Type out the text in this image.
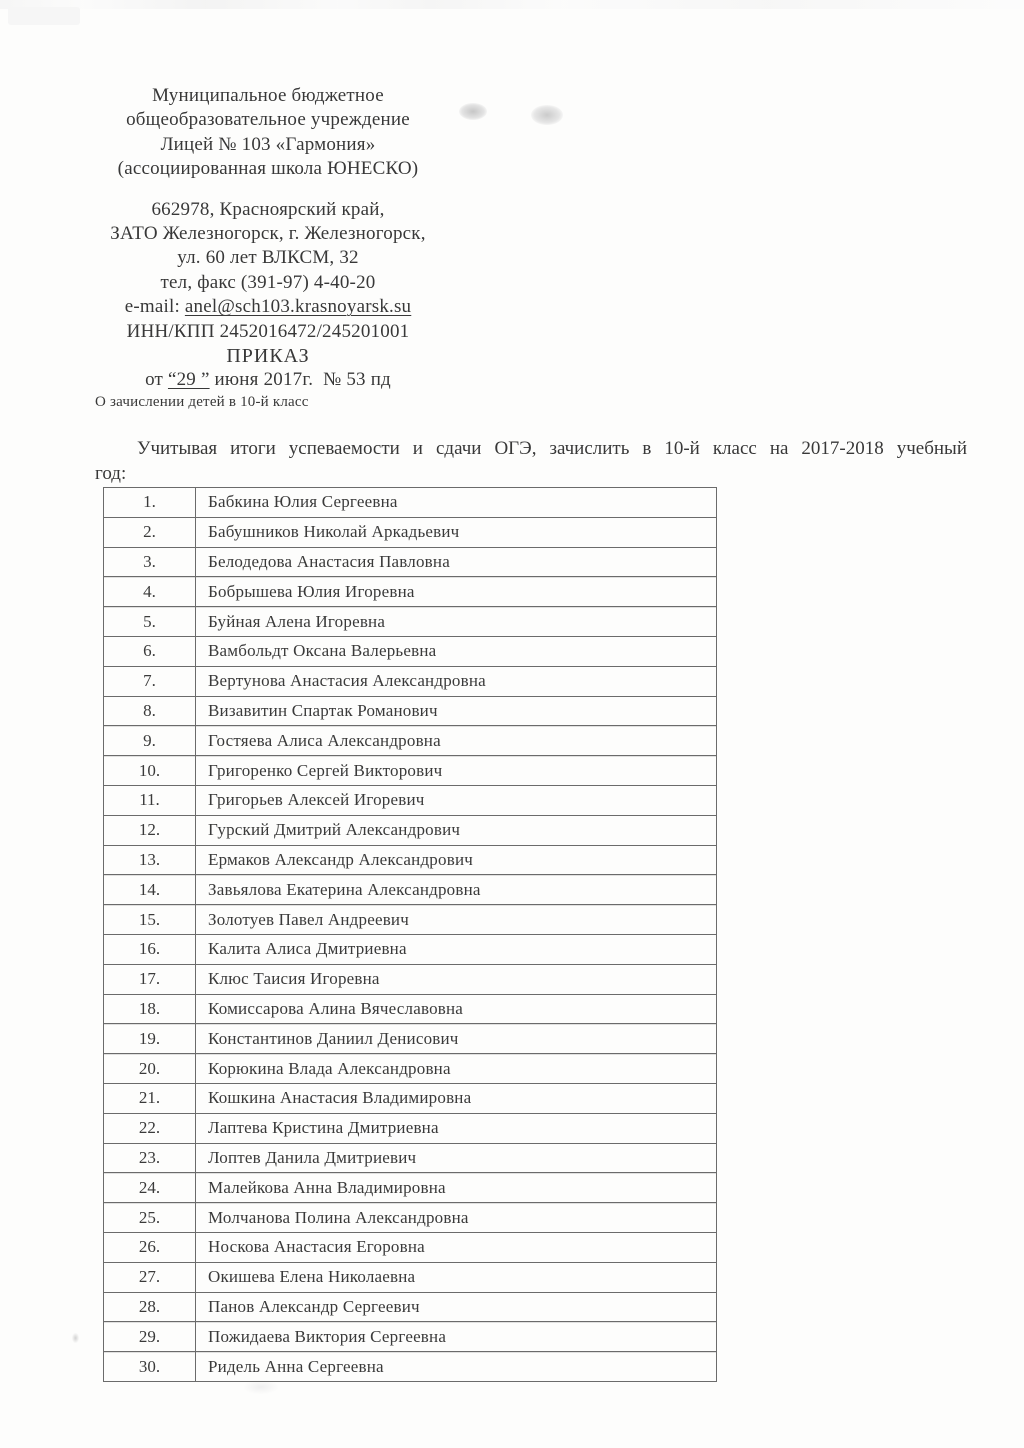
Муниципальное бюджетное
общеобразовательное учреждение
Лицей № 103 «Гармония»
(ассоциированная школа ЮНЕСКО)
662978, Красноярский край,
ЗАТО Железногорск, г. Железногорск,
ул. 60 лет ВЛКСМ, 32
тел, факс (391-97) 4-40-20
e-mail: anel@sch103.krasnoyarsk.su
ИНН/КПП 2452016472/245201001
ПРИКАЗ
от “29 ” июня 2017г.  № 53 пд
О зачислении детей в 10-й класс
Учитывая итоги успеваемости и сдачи ОГЭ, зачислить в 10-й класс на 2017-2018 учебный
год:
1.	Бабкина Юлия Сергеевна
2.	Бабушников Николай Аркадьевич
3.	Белодедова Анастасия Павловна
4.	Бобрышева Юлия Игоревна
5.	Буйная Алена Игоревна
6.	Вамбольдт Оксана Валерьевна
7.	Вертунова Анастасия Александровна
8.	Визавитин Спартак Романович
9.	Гостяева Алиса Александровна
10.	Григоренко Сергей Викторович
11.	Григорьев Алексей Игоревич
12.	Гурский Дмитрий Александрович
13.	Ермаков Александр Александрович
14.	Завьялова Екатерина Александровна
15.	Золотуев Павел Андреевич
16.	Калита Алиса Дмитриевна
17.	Клюс Таисия Игоревна
18.	Комиссарова Алина Вячеславовна
19.	Константинов Даниил Денисович
20.	Корюкина Влада Александровна
21.	Кошкина Анастасия Владимировна
22.	Лаптева Кристина Дмитриевна
23.	Лоптев Данила Дмитриевич
24.	Малейкова Анна Владимировна
25.	Молчанова Полина Александровна
26.	Носкова Анастасия Егоровна
27.	Окишева Елена Николаевна
28.	Панов Александр Сергеевич
29.	Пожидаева Виктория Сергеевна
30.	Ридель Анна Сергеевна
